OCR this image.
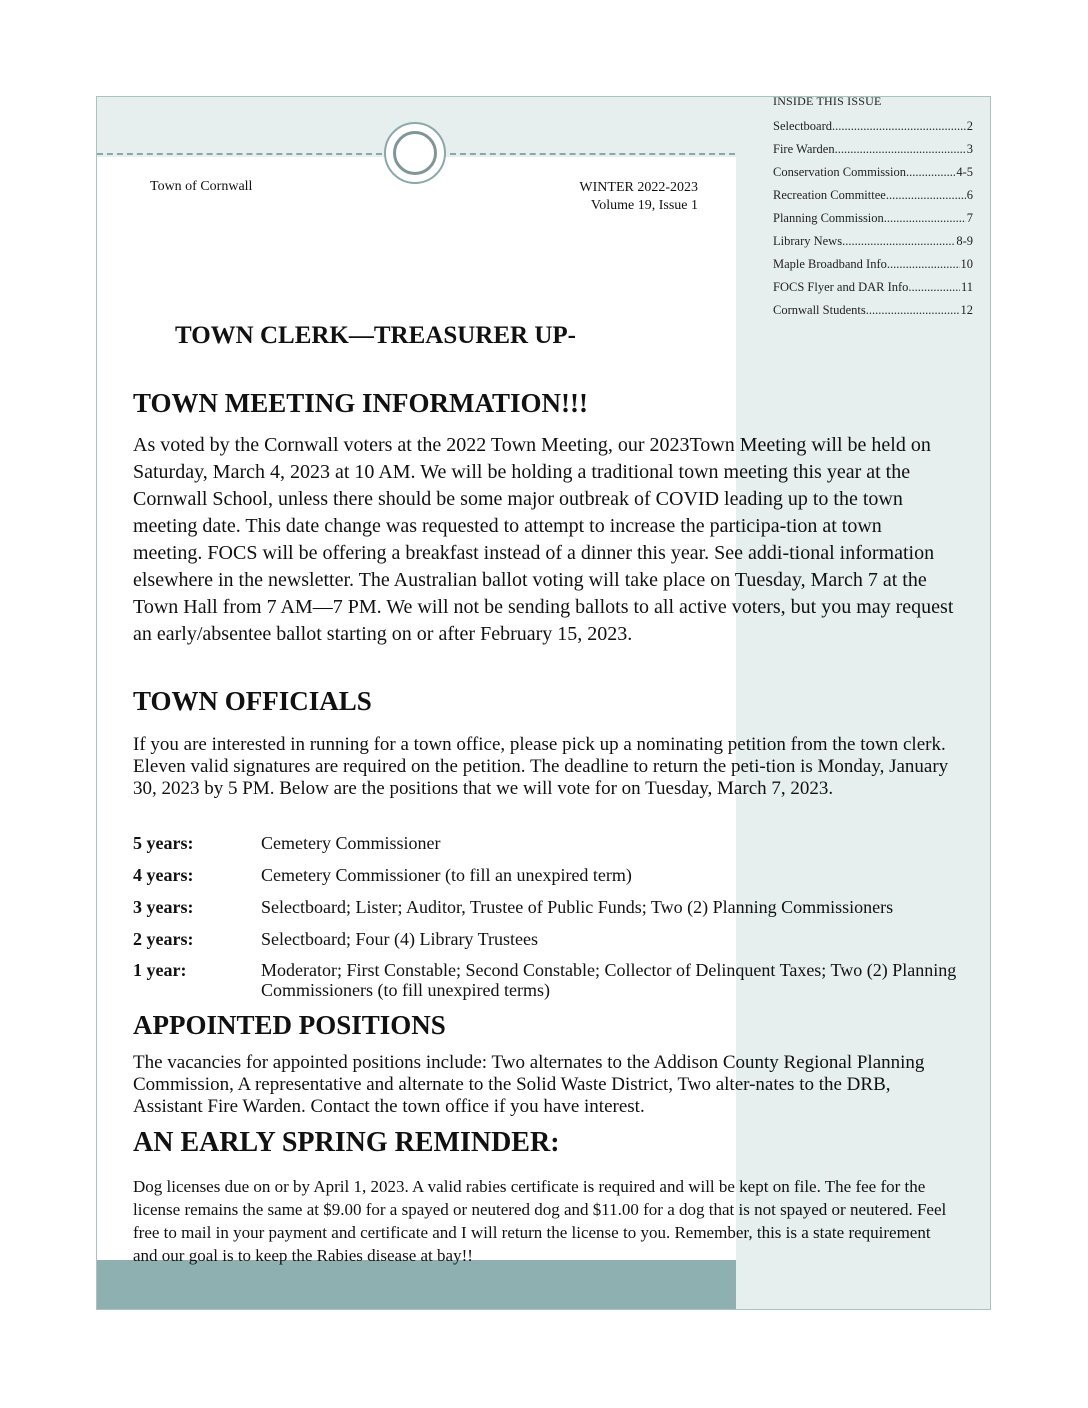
Town of Cornwall	WINTER 2022-2023
Volume 19, Issue 1
INSIDE THIS ISSUE
Selectboard .....	2
Fire Warden .....	3
Conservation Commission .....	4-5
Recreation Committee .....	6
Planning Commission .....	7
Library News .....	8-9
Maple Broadband Info .....	10
FOCS Flyer and DAR Info .....	11
Cornwall Students .....	12
TOWN CLERK—TREASURER UP-
TOWN MEETING INFORMATION!!!

As voted by the Cornwall voters at the 2022 Town Meeting, our 2023Town Meeting will be held on Saturday, March 4, 2023 at 10 AM. We will be holding a traditional town meeting this year at the Cornwall School, unless there should be some major outbreak of COVID leading up to the town meeting date. This date change was requested to attempt to increase the participa-tion at town meeting. FOCS will be offering a breakfast instead of a dinner this year. See addi-tional information elsewhere in the newsletter. The Australian ballot voting will take place on Tuesday, March 7 at the Town Hall from 7 AM—7 PM. We will not be sending ballots to all active voters, but you may request an early/absentee ballot starting on or after February 15, 2023.

TOWN OFFICIALS

If you are interested in running for a town office, please pick up a nominating petition from the town clerk. Eleven valid signatures are required on the petition. The deadline to return the peti-tion is Monday, January 30, 2023 by 5 PM. Below are the positions that we will vote for on Tuesday, March 7, 2023.

5 years:	Cemetery Commissioner
4 years:	Cemetery Commissioner (to fill an unexpired term)
3 years:	Selectboard; Lister; Auditor, Trustee of Public Funds; Two (2) Planning Commissioners
2 years:	Selectboard; Four (4) Library Trustees
1 year:	Moderator; First Constable; Second Constable; Collector of Delinquent Taxes; Two (2) Planning Commissioners (to fill unexpired terms)
APPOINTED POSITIONS

The vacancies for appointed positions include: Two alternates to the Addison County Regional Planning Commission, A representative and alternate to the Solid Waste District, Two alter-nates to the DRB, Assistant Fire Warden. Contact the town office if you have interest.

AN EARLY SPRING REMINDER:

Dog licenses due on or by April 1, 2023. A valid rabies certificate is required and will be kept on file. The fee for the license remains the same at $9.00 for a spayed or neutered dog and $11.00 for a dog that is not spayed or neutered. Feel free to mail in your payment and certificate and I will return the license to you. Remember, this is a state requirement and our goal is to keep the Rabies disease at bay!!
